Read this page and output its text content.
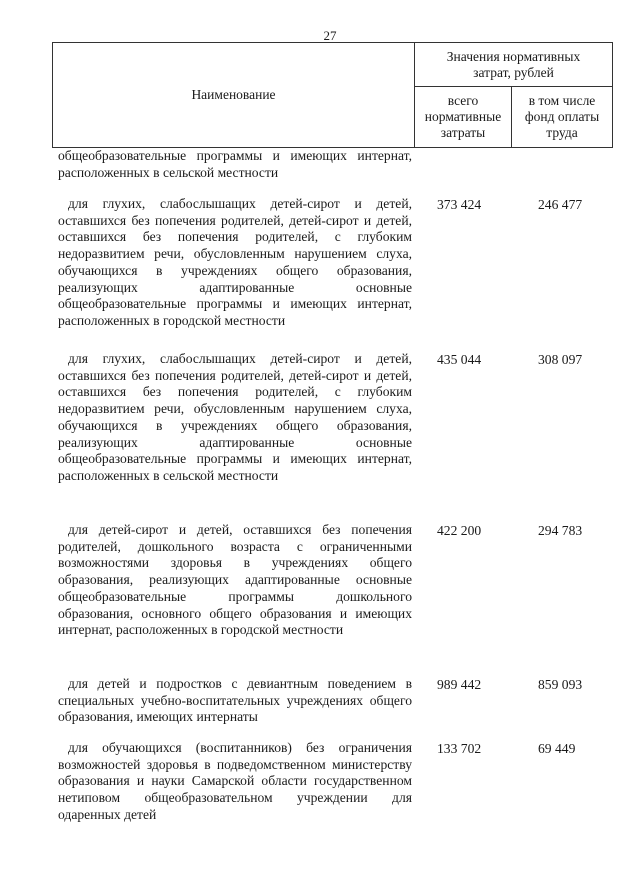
27
Наименование	Значения нормативных затрат, рублей	

	всего нормативные затраты	в том числе фонд оплаты труда
общеобразовательные программы и имеющих интернат, расположенных в сельской местности
для глухих, слабослышащих детей-сирот и детей, оставшихся без попечения родителей, детей-сирот и детей, оставшихся без попечения родителей, с глубоким недоразвитием речи, обусловленным нарушением слуха, обучающихся в учреждениях общего образования, реализующих адаптированные основные общеобразовательные программы и имеющих интернат, расположенных в городской местности
373 424	246 477
для глухих, слабослышащих детей-сирот и детей, оставшихся без попечения родителей, детей-сирот и детей, оставшихся без попечения родителей, с глубоким недоразвитием речи, обусловленным нарушением слуха, обучающихся в учреждениях общего образования, реализующих адаптированные основные общеобразовательные программы и имеющих интернат, расположенных в сельской местности
435 044	308 097
для детей-сирот и детей, оставшихся без попечения родителей, дошкольного возраста с ограниченными возможностями здоровья в учреждениях общего образования, реализующих адаптированные основные общеобразовательные программы дошкольного образования, основного общего образования и имеющих интернат, расположенных в городской местности
422 200	294 783
для детей и подростков с девиантным поведением в специальных учебно-воспитательных учреждениях общего образования, имеющих интернаты
989 442	859 093
для обучающихся (воспитанников) без ограничения возможностей здоровья в подведомственном министерству образования и науки Самарской области государственном нетиповом общеобразовательном учреждении для одаренных детей
133 702	69 449
